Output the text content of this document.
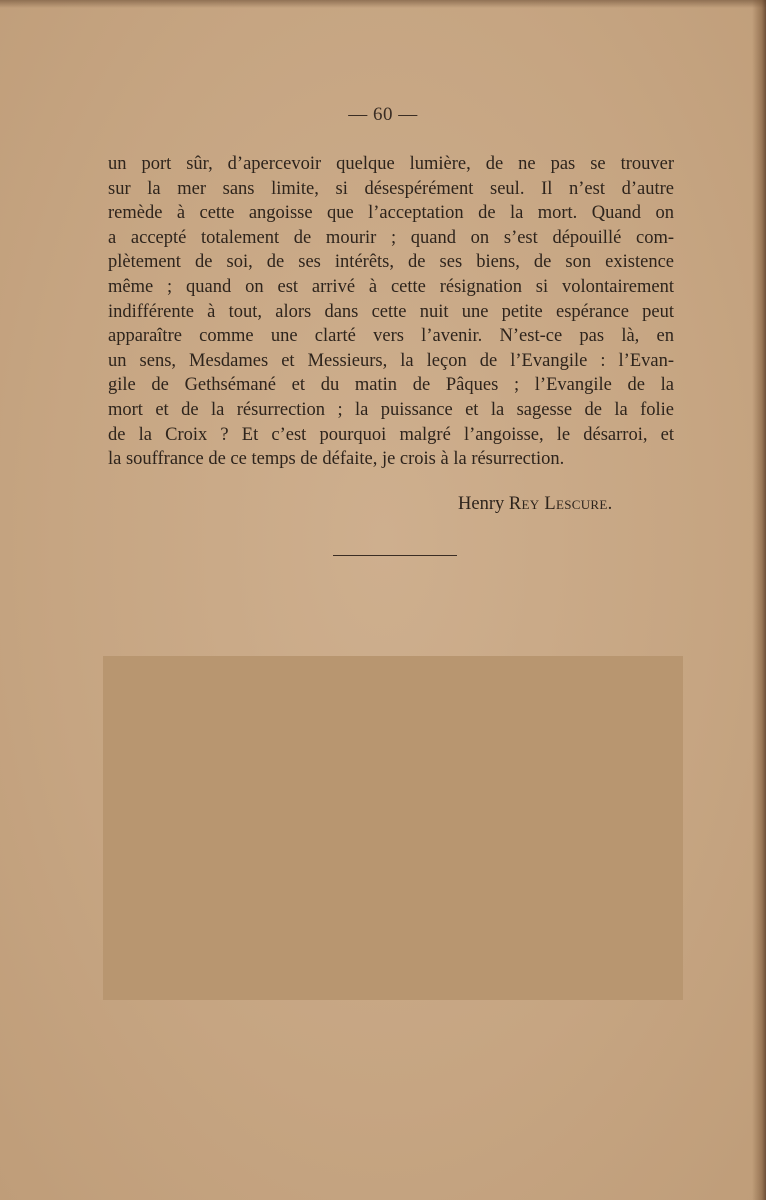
— 60 —
un port sûr, d’apercevoir quelque lumière, de ne pas se trouver
sur la mer sans limite, si désespérément seul. Il n’est d’autre
remède à cette angoisse que l’acceptation de la mort. Quand on
a accepté totalement de mourir ; quand on s’est dépouillé com-
plètement de soi, de ses intérêts, de ses biens, de son existence
même ; quand on est arrivé à cette résignation si volontairement
indifférente à tout, alors dans cette nuit une petite espérance peut
apparaître comme une clarté vers l’avenir. N’est-ce pas là, en
un sens, Mesdames et Messieurs, la leçon de l’Evangile : l’Evan-
gile de Gethsémané et du matin de Pâques ; l’Evangile de la
mort et de la résurrection ; la puissance et la sagesse de la folie
de la Croix ? Et c’est pourquoi malgré l’angoisse, le désarroi, et
la souffrance de ce temps de défaite, je crois à la résurrection.
Henry Rey Lescure.
